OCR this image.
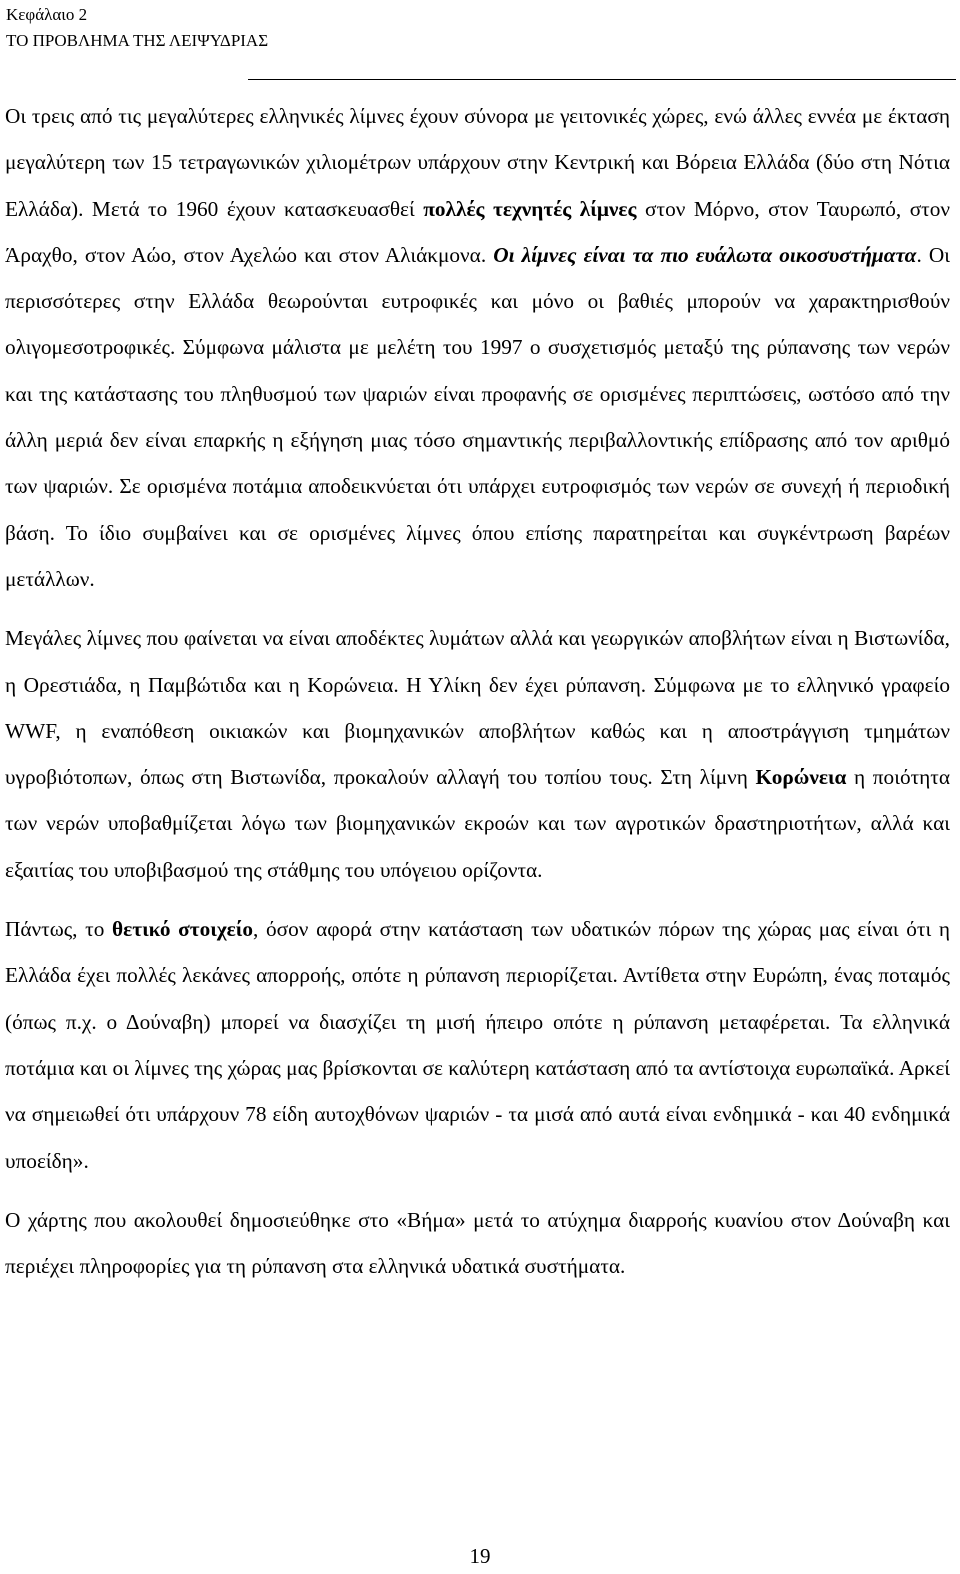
Κεφάλαιο 2
ΤΟ ΠΡΟΒΛΗΜΑ ΤΗΣ ΛΕΙΨΥΔΡΙΑΣ

Οι τρεις από τις μεγαλύτερες ελληνικές λίμνες έχουν σύνορα με γειτονικές χώρες, ενώ άλλες εννέα με έκταση μεγαλύτερη των 15 τετραγωνικών χιλιομέτρων υπάρχουν στην Κεντρική και Βόρεια Ελλάδα (δύο στη Νότια Ελλάδα). Μετά το 1960 έχουν κατασκευασθεί πολλές τεχνητές λίμνες στον Μόρνο, στον Ταυρωπό, στον Άραχθο, στον Αώο, στον Αχελώο και στον Αλιάκμονα. Οι λίμνες είναι τα πιο ευάλωτα οικοσυστήματα. Οι περισσότερες στην Ελλάδα θεωρούνται ευτροφικές και μόνο οι βαθιές μπορούν να χαρακτηρισθούν ολιγομεσοτροφικές. Σύμφωνα μάλιστα με μελέτη του 1997 ο συσχετισμός μεταξύ της ρύπανσης των νερών και της κατάστασης του πληθυσμού των ψαριών είναι προφανής σε ορισμένες περιπτώσεις, ωστόσο από την άλλη μεριά δεν είναι επαρκής η εξήγηση μιας τόσο σημαντικής περιβαλλοντικής επίδρασης από τον αριθμό των ψαριών. Σε ορισμένα ποτάμια αποδεικνύεται ότι υπάρχει ευτροφισμός των νερών σε συνεχή ή περιοδική βάση. Το ίδιο συμβαίνει και σε ορισμένες λίμνες όπου επίσης παρατηρείται και συγκέντρωση βαρέων μετάλλων.

Μεγάλες λίμνες που φαίνεται να είναι αποδέκτες λυμάτων αλλά και γεωργικών αποβλήτων είναι η Βιστωνίδα, η Ορεστιάδα, η Παμβώτιδα και η Κορώνεια. Η Υλίκη δεν έχει ρύπανση. Σύμφωνα με το ελληνικό γραφείο WWF, η εναπόθεση οικιακών και βιομηχανικών αποβλήτων καθώς και η αποστράγγιση τμημάτων υγροβιότοπων, όπως στη Βιστωνίδα, προκαλούν αλλαγή του τοπίου τους. Στη λίμνη Κορώνεια η ποιότητα των νερών υποβαθμίζεται λόγω των βιομηχανικών εκροών και των αγροτικών δραστηριοτήτων, αλλά και εξαιτίας του υποβιβασμού της στάθμης του υπόγειου ορίζοντα.

Πάντως, το θετικό στοιχείο, όσον αφορά στην κατάσταση των υδατικών πόρων της χώρας μας είναι ότι η Ελλάδα έχει πολλές λεκάνες απορροής, οπότε η ρύπανση περιορίζεται. Αντίθετα στην Ευρώπη, ένας ποταμός (όπως π.χ. ο Δούναβη) μπορεί να διασχίζει τη μισή ήπειρο οπότε η ρύπανση μεταφέρεται. Τα ελληνικά ποτάμια και οι λίμνες της χώρας μας βρίσκονται σε καλύτερη κατάσταση από τα αντίστοιχα ευρωπαϊκά. Αρκεί να σημειωθεί ότι υπάρχουν 78 είδη αυτοχθόνων ψαριών - τα μισά από αυτά είναι ενδημικά - και 40 ενδημικά υποείδη».

Ο χάρτης που ακολουθεί δημοσιεύθηκε στο «Βήμα» μετά το ατύχημα διαρροής κυανίου στον Δούναβη και περιέχει πληροφορίες για τη ρύπανση στα ελληνικά υδατικά συστήματα.

19
